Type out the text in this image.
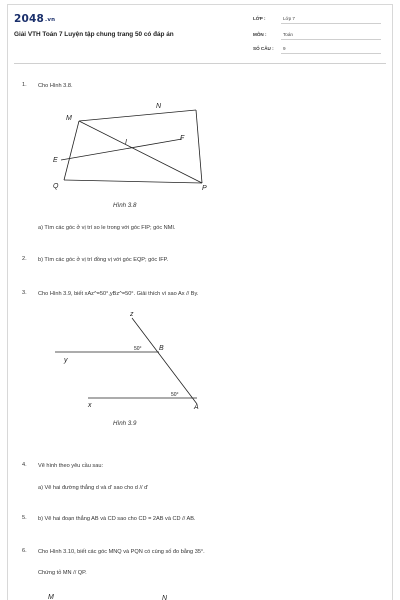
2048.vn
Giải VTH Toán 7 Luyện tập chung trang 50 có đáp án
LỚP :	Lớp 7
MÔN :	Toán
SỐ CÂU : 9
1. Cho Hình 3.8.
M
N
I
F
E
Q	P
Hình 3.8
a) Tìm các góc ở vị trí so le trong với góc FIP; góc NMI.
2. b) Tìm các góc ở vị trí đồng vị với góc EQP; góc IFP.
3. Cho Hình 3.9, biết xAz^=50°,yBz^=50°. Giải thích vì sao Ax // By.
z
y
50° B
50°
x	A
Hình 3.9
4. Vẽ hình theo yêu cầu sau:
a) Vẽ hai đường thẳng d và d' sao cho d // d'
5. b) Vẽ hai đoạn thẳng AB và CD sao cho CD = 2AB và CD // AB.
6. Cho Hình 3.10, biết các góc MNQ và PQN có cùng số đo bằng 35°.
Chứng tỏ MN // QP.
M	N
